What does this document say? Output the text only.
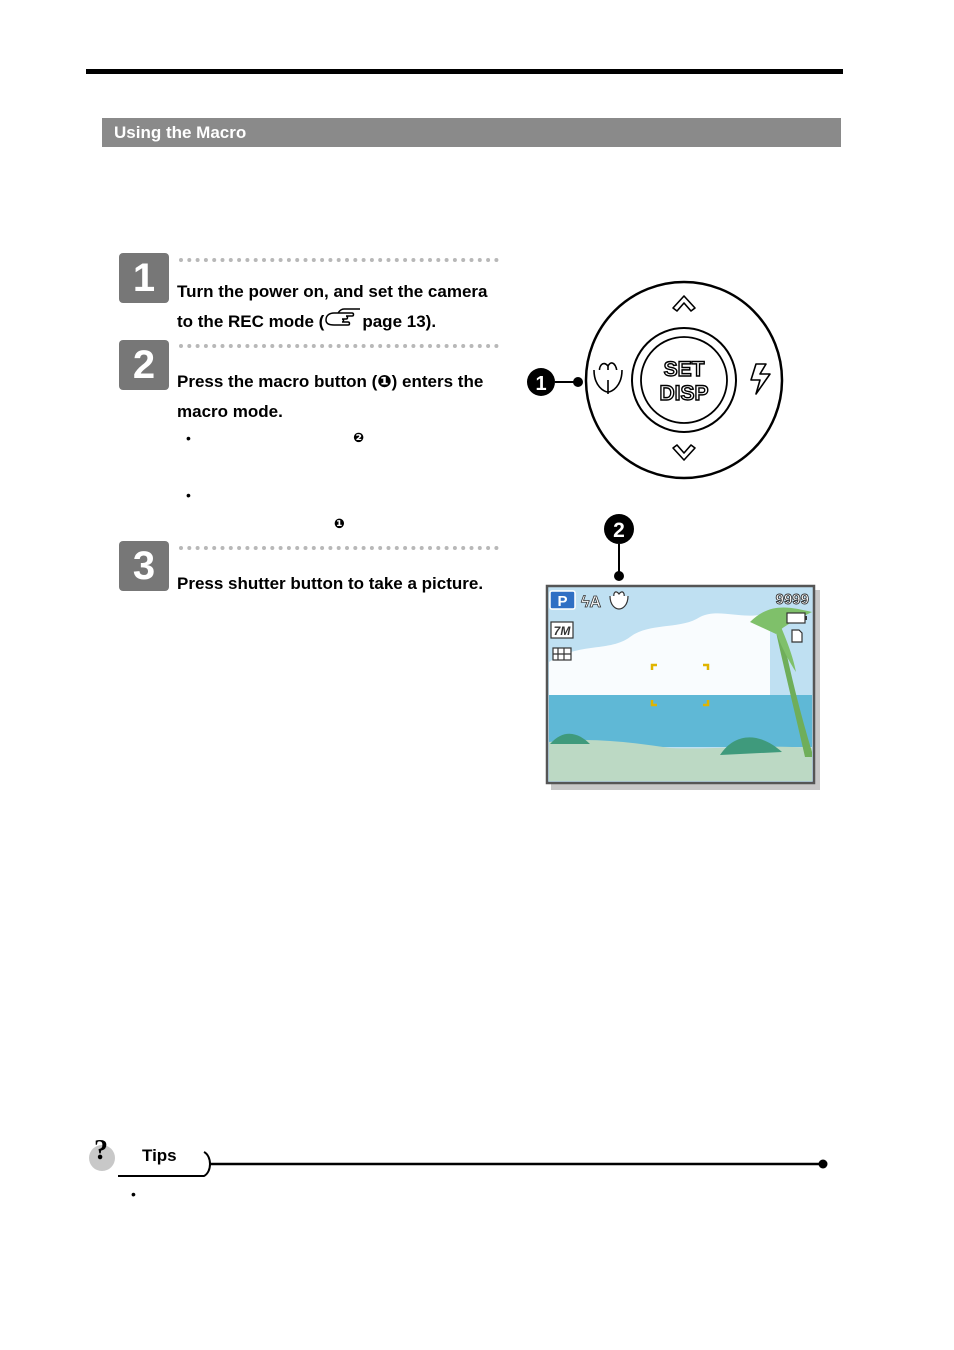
Using the Macro
1	Turn the power on, and set the camera
to the REC mode ( page 13).
2	Press the macro button (❶) enters the
macro mode.
•	❷
•
❶
3	Press shutter button to take a picture.
SET
DISP
1
2
P ϟA	9999
7M
? Tips
•
